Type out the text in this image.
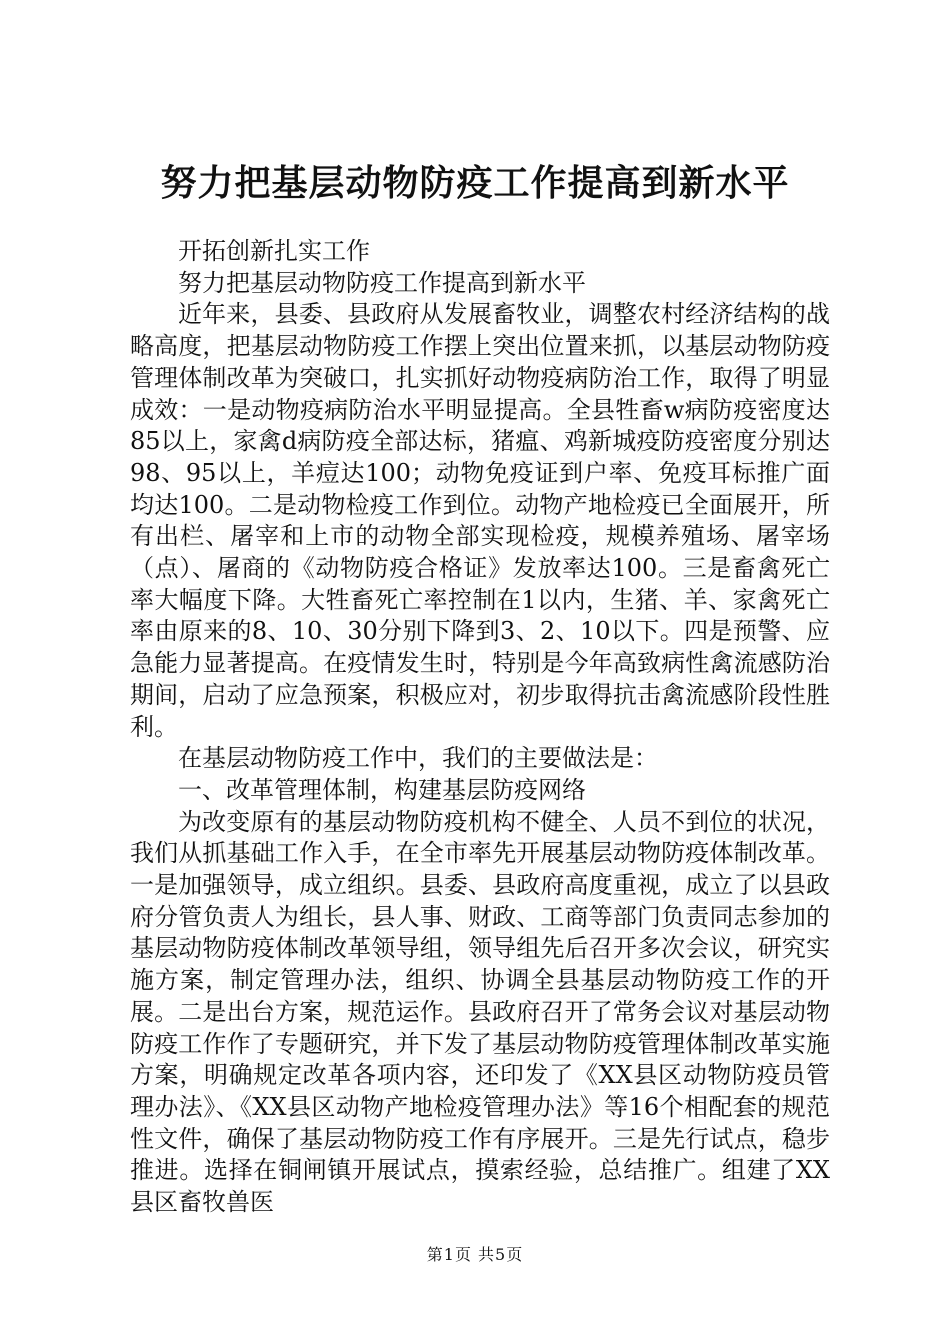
努力把基层动物防疫工作提高到新水平

开拓创新扎实工作

努力把基层动物防疫工作提高到新水平

近年来，县委、县政府从发展畜牧业，调整农村经济结构的战略高度，把基层动物防疫工作摆上突出位置来抓，以基层动物防疫管理体制改革为突破口，扎实抓好动物疫病防治工作，取得了明显成效：一是动物疫病防治水平明显提高。全县牲畜w病防疫密度达85以上，家禽d病防疫全部达标，猪瘟、鸡新城疫防疫密度分别达98、95以上，羊痘达100；动物免疫证到户率、免疫耳标推广面均达100。二是动物检疫工作到位。动物产地检疫已全面展开，所有出栏、屠宰和上市的动物全部实现检疫，规模养殖场、屠宰场（点）、屠商的《动物防疫合格证》发放率达100。三是畜禽死亡率大幅度下降。大牲畜死亡率控制在1以内，生猪、羊、家禽死亡率由原来的8、10、30分别下降到3、2、10以下。四是预警、应急能力显著提高。在疫情发生时，特别是今年高致病性禽流感防治期间，启动了应急预案，积极应对，初步取得抗击禽流感阶段性胜利。

在基层动物防疫工作中，我们的主要做法是：

一、改革管理体制，构建基层防疫网络

为改变原有的基层动物防疫机构不健全、人员不到位的状况，我们从抓基础工作入手，在全市率先开展基层动物防疫体制改革。一是加强领导，成立组织。县委、县政府高度重视，成立了以县政府分管负责人为组长，县人事、财政、工商等部门负责同志参加的基层动物防疫体制改革领导组，领导组先后召开多次会议，研究实施方案，制定管理办法，组织、协调全县基层动物防疫工作的开展。二是出台方案，规范运作。县政府召开了常务会议对基层动物防疫工作作了专题研究，并下发了基层动物防疫管理体制改革实施方案，明确规定改革各项内容，还印发了《XX县区动物防疫员管理办法》、《XX县区动物产地检疫管理办法》等16个相配套的规范性文件，确保了基层动物防疫工作有序展开。三是先行试点，稳步推进。选择在铜闸镇开展试点，摸索经验，总结推广。组建了XX县区畜牧兽医

第1页 共5页
